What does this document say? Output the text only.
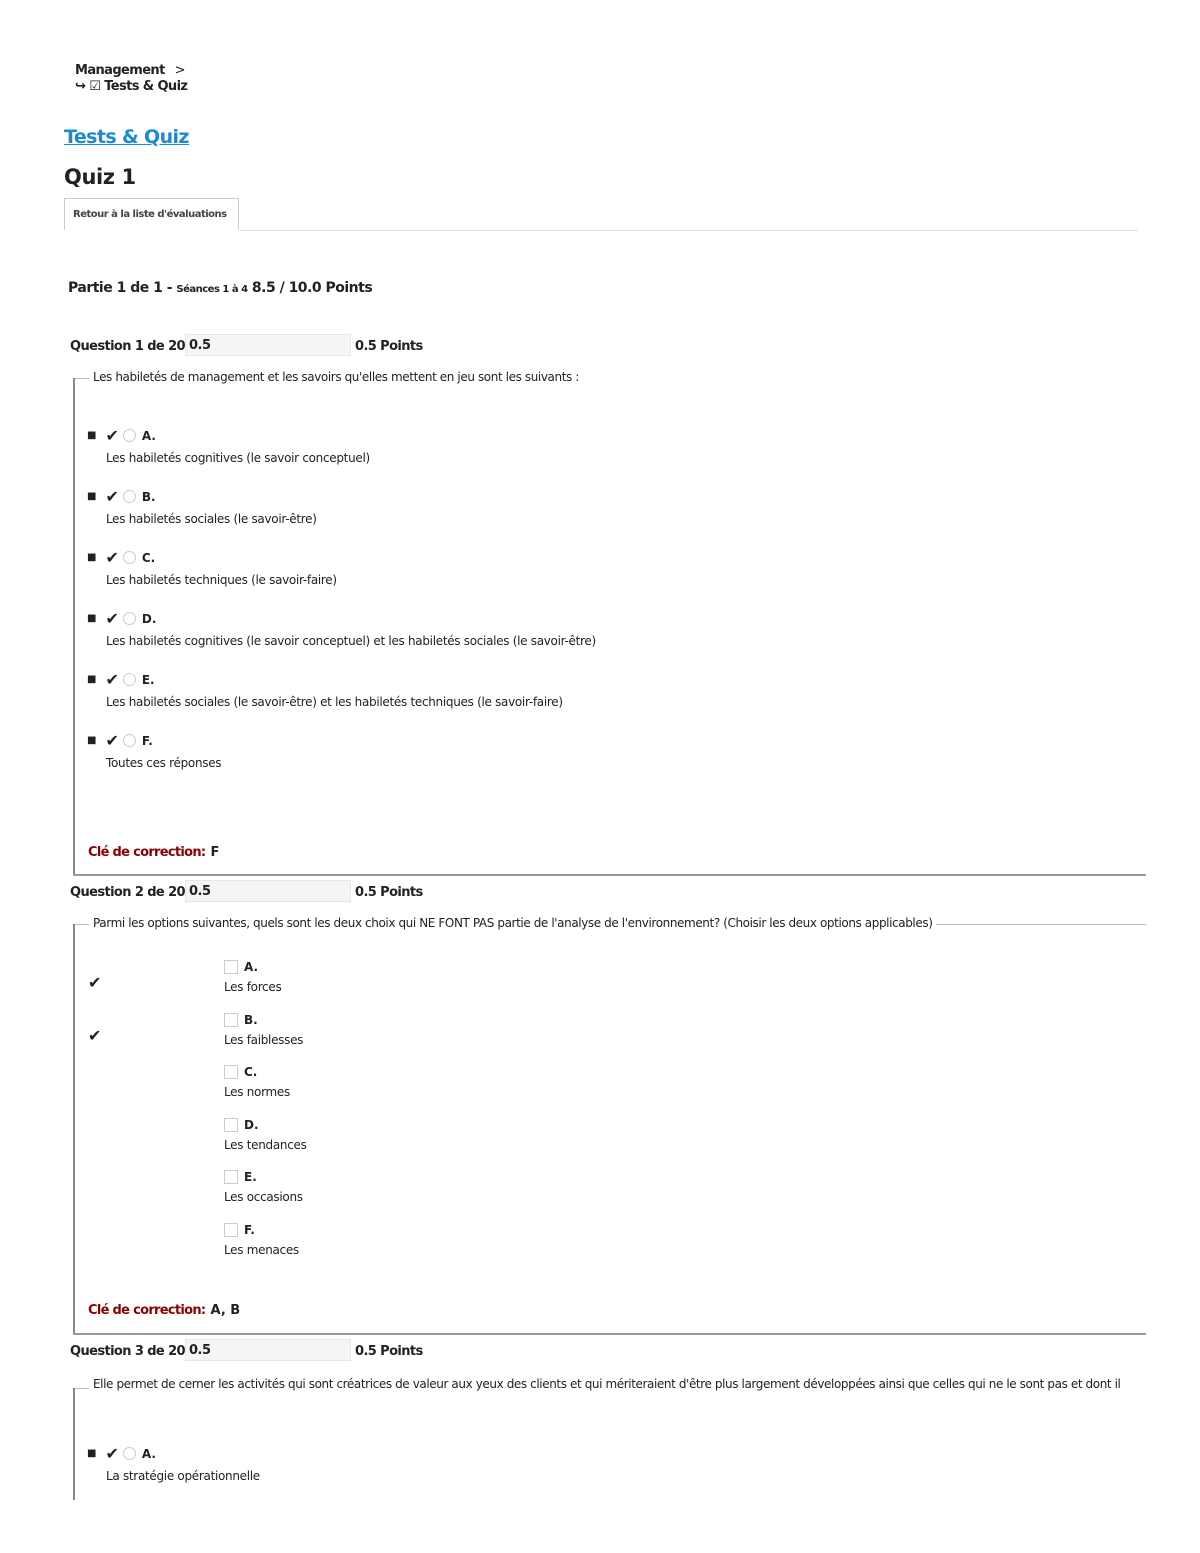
Management >
↪ ☑ Tests & Quiz
Tests & Quiz
Quiz 1
Retour à la liste d'évaluations
Partie 1 de 1 - Séances 1 à 4 8.5 / 10.0 Points
Question 1 de 20 0.5	0.5 Points
Les habiletés de management et les savoirs qu'elles mettent en jeu sont les suivants :
■ ✔ A.
Les habiletés cognitives (le savoir conceptuel)
■ ✔ B.
Les habiletés sociales (le savoir-être)
■ ✔ C.
Les habiletés techniques (le savoir-faire)
■ ✔ D.
Les habiletés cognitives (le savoir conceptuel) et les habiletés sociales (le savoir-être)
■ ✔ E.
Les habiletés sociales (le savoir-être) et les habiletés techniques (le savoir-faire)
■ ✔ F.
Toutes ces réponses
Clé de correction: F
Question 2 de 20 0.5	0.5 Points
Parmi les options suivantes, quels sont les deux choix qui NE FONT PAS partie de l'analyse de l'environnement? (Choisir les deux options applicables)
✔
✔
A.
Les forces
B.
Les faiblesses
C.
Les normes
D.
Les tendances
E.
Les occasions
F.
Les menaces
Clé de correction: A, B
Question 3 de 20 0.5	0.5 Points
Elle permet de cerner les activités qui sont créatrices de valeur aux yeux des clients et qui mériteraient d'être plus largement développées ainsi que celles qui ne le sont pas et dont il
■ ✔ A.
La stratégie opérationnelle
